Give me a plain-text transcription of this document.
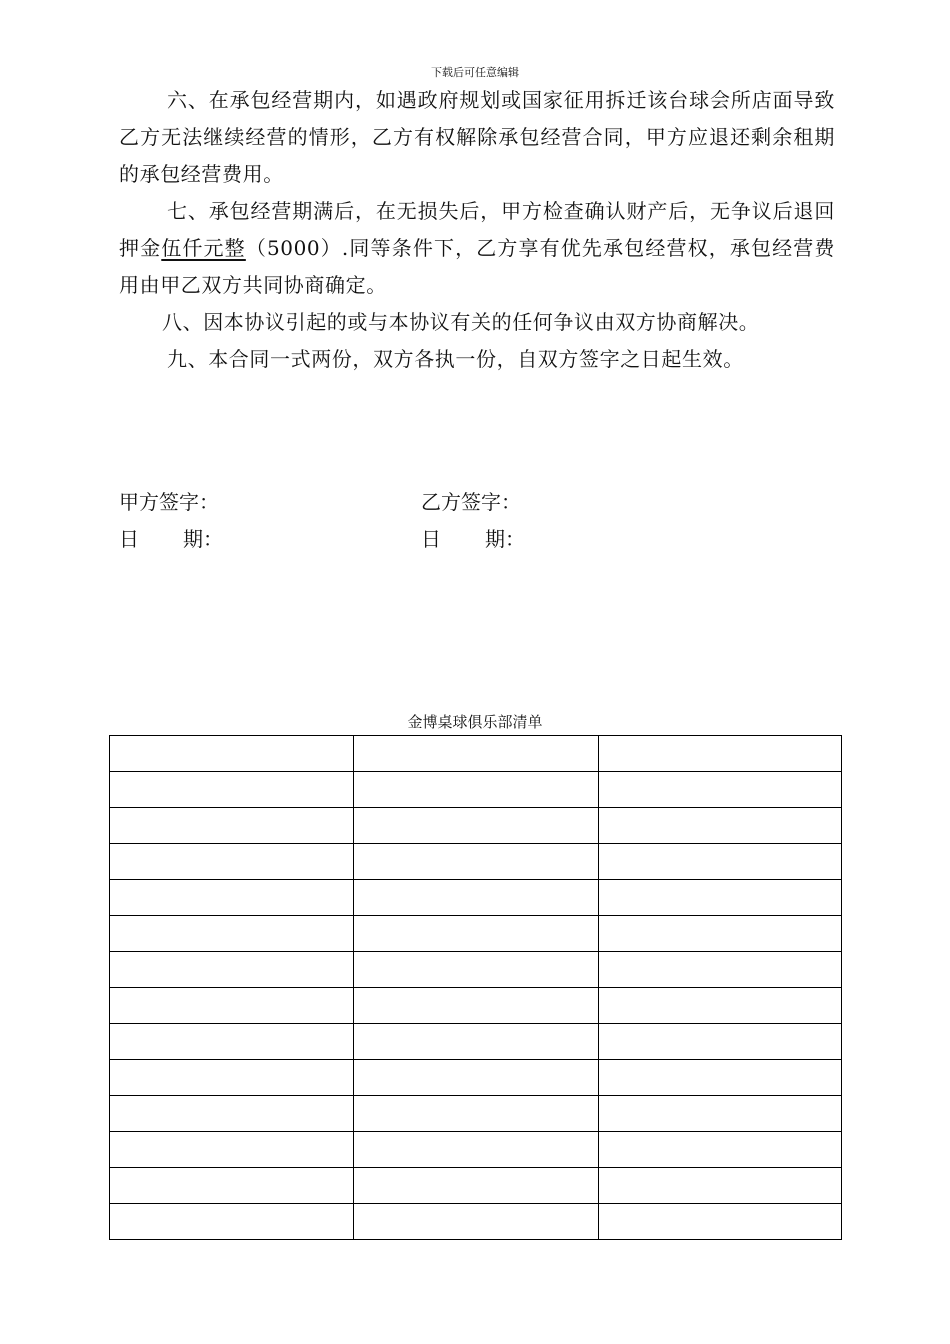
下载后可任意编辑

六、在承包经营期内，如遇政府规划或国家征用拆迁该台球会所店面导致乙方无法继续经营的情形，乙方有权解除承包经营合同，甲方应退还剩余租期的承包经营费用。

七、承包经营期满后，在无损失后，甲方检查确认财产后，无争议后退回押金伍仟元整（5000）.同等条件下，乙方享有优先承包经营权，承包经营费用由甲乙双方共同协商确定。

八、因本协议引起的或与本协议有关的任何争议由双方协商解决。

九、本合同一式两份，双方各执一份，自双方签字之日起生效。

甲方签字：	乙方签字：
日 期：	日 期：
金博桌球俱乐部清单
